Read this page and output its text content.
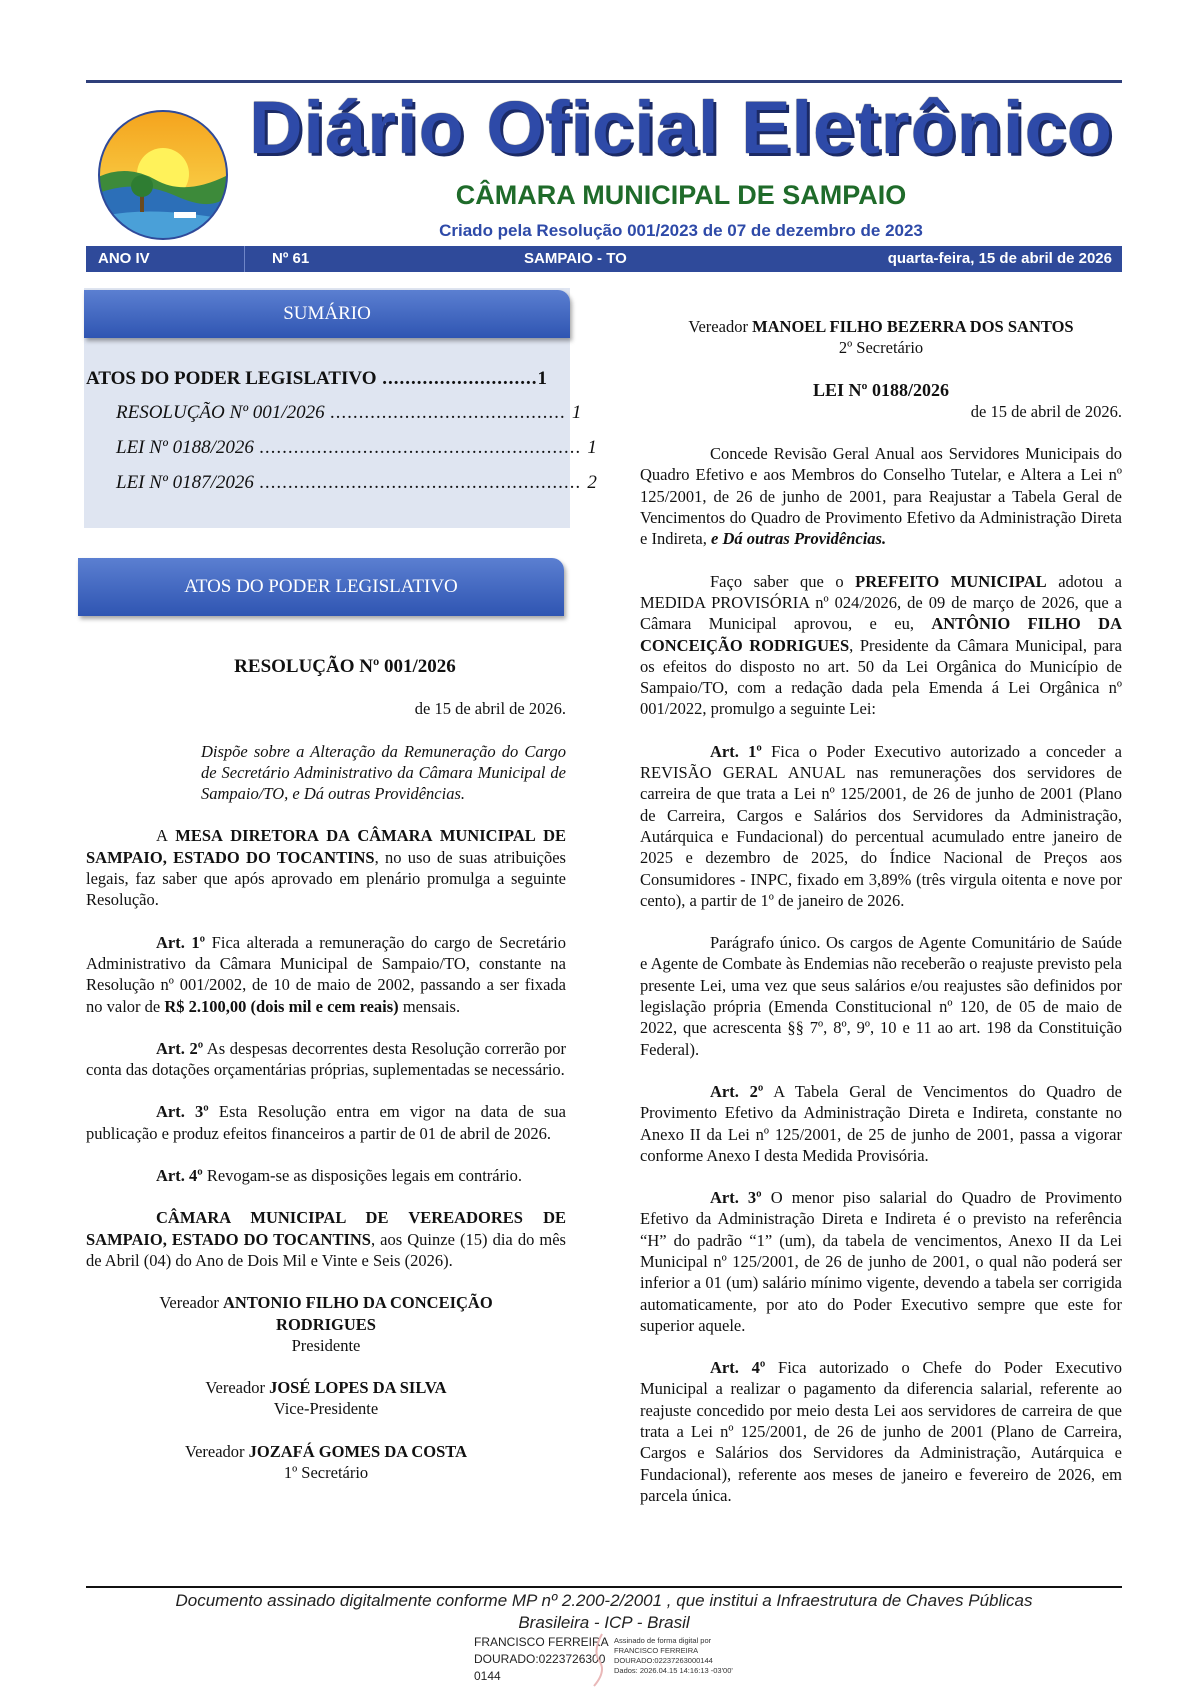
Diário Oficial Eletrônico
CÂMARA MUNICIPAL DE SAMPAIO
Criado pela Resolução 001/2023 de 07 de dezembro de 2023
ANO IV	Nº 61	SAMPAIO - TO	quarta-feira, 15 de abril de 2026
SUMÁRIO
ATOS DO PODER LEGISLATIVO ...........................1
RESOLUÇÃO Nº 001/2026 ......................................... 1
LEI Nº 0188/2026 ........................................................ 1
LEI Nº 0187/2026 ........................................................ 2
ATOS DO PODER LEGISLATIVO

RESOLUÇÃO Nº 001/2026

de 15 de abril de 2026.

Dispõe sobre a Alteração da Remuneração do Cargo de Secretário Administrativo da Câmara Municipal de Sampaio/TO, e Dá outras Providências.

A MESA DIRETORA DA CÂMARA MUNICIPAL DE SAMPAIO, ESTADO DO TOCANTINS, no uso de suas atribuições legais, faz saber que após aprovado em plenário promulga a seguinte Resolução.

Art. 1º Fica alterada a remuneração do cargo de Secretário Administrativo da Câmara Municipal de Sampaio/TO, constante na Resolução nº 001/2002, de 10 de maio de 2002, passando a ser fixada no valor de R$ 2.100,00 (dois mil e cem reais) mensais.

Art. 2º As despesas decorrentes desta Resolução correrão por conta das dotações orçamentárias próprias, suplementadas se necessário.

Art. 3º Esta Resolução entra em vigor na data de sua publicação e produz efeitos financeiros a partir de 01 de abril de 2026.

Art. 4º Revogam-se as disposições legais em contrário.

CÂMARA MUNICIPAL DE VEREADORES DE SAMPAIO, ESTADO DO TOCANTINS, aos Quinze (15) dia do mês de Abril (04) do Ano de Dois Mil e Vinte e Seis (2026).

Vereador ANTONIO FILHO DA CONCEIÇÃO RODRIGUES

Presidente

Vereador JOSÉ LOPES DA SILVA

Vice-Presidente

Vereador JOZAFÁ GOMES DA COSTA

1º Secretário

Vereador MANOEL FILHO BEZERRA DOS SANTOS

2º Secretário

LEI Nº 0188/2026

de 15 de abril de 2026.

Concede Revisão Geral Anual aos Servidores Municipais do Quadro Efetivo e aos Membros do Conselho Tutelar, e Altera a Lei nº 125/2001, de 26 de junho de 2001, para Reajustar a Tabela Geral de Vencimentos do Quadro de Provimento Efetivo da Administração Direta e Indireta, e Dá outras Providências.

Faço saber que o PREFEITO MUNICIPAL adotou a MEDIDA PROVISÓRIA nº 024/2026, de 09 de março de 2026, que a Câmara Municipal aprovou, e eu, ANTÔNIO FILHO DA CONCEIÇÃO RODRIGUES, Presidente da Câmara Municipal, para os efeitos do disposto no art. 50 da Lei Orgânica do Município de Sampaio/TO, com a redação dada pela Emenda á Lei Orgânica nº 001/2022, promulgo a seguinte Lei:

Art. 1º Fica o Poder Executivo autorizado a conceder a REVISÃO GERAL ANUAL nas remunerações dos servidores de carreira de que trata a Lei nº 125/2001, de 26 de junho de 2001 (Plano de Carreira, Cargos e Salários dos Servidores da Administração, Autárquica e Fundacional) do percentual acumulado entre janeiro de 2025 e dezembro de 2025, do Índice Nacional de Preços aos Consumidores - INPC, fixado em 3,89% (três virgula oitenta e nove por cento), a partir de 1º de janeiro de 2026.

Parágrafo único. Os cargos de Agente Comunitário de Saúde e Agente de Combate às Endemias não receberão o reajuste previsto pela presente Lei, uma vez que seus salários e/ou reajustes são definidos por legislação própria (Emenda Constitucional nº 120, de 05 de maio de 2022, que acrescenta §§ 7º, 8º, 9º, 10 e 11 ao art. 198 da Constituição Federal).

Art. 2º A Tabela Geral de Vencimentos do Quadro de Provimento Efetivo da Administração Direta e Indireta, constante no Anexo II da Lei nº 125/2001, de 25 de junho de 2001, passa a vigorar conforme Anexo I desta Medida Provisória.

Art. 3º O menor piso salarial do Quadro de Provimento Efetivo da Administração Direta e Indireta é o previsto na referência “H” do padrão “1” (um), da tabela de vencimentos, Anexo II da Lei Municipal nº 125/2001, de 26 de junho de 2001, o qual não poderá ser inferior a 01 (um) salário mínimo vigente, devendo a tabela ser corrigida automaticamente, por ato do Poder Executivo sempre que este for superior aquele.

Art. 4º Fica autorizado o Chefe do Poder Executivo Municipal a realizar o pagamento da diferencia salarial, referente ao reajuste concedido por meio desta Lei aos servidores de carreira de que trata a Lei nº 125/2001, de 26 de junho de 2001 (Plano de Carreira, Cargos e Salários dos Servidores da Administração, Autárquica e Fundacional), referente aos meses de janeiro e fevereiro de 2026, em parcela única.

Documento assinado digitalmente conforme MP nº 2.200-2/2001 , que institui a Infraestrutura de Chaves Públicas
Brasileira - ICP - Brasil
FRANCISCO FERREIRA
DOURADO:0223726300
0144
Assinado de forma digital por
FRANCISCO FERREIRA
DOURADO:02237263000144
Dados: 2026.04.15 14:16:13 -03'00'
